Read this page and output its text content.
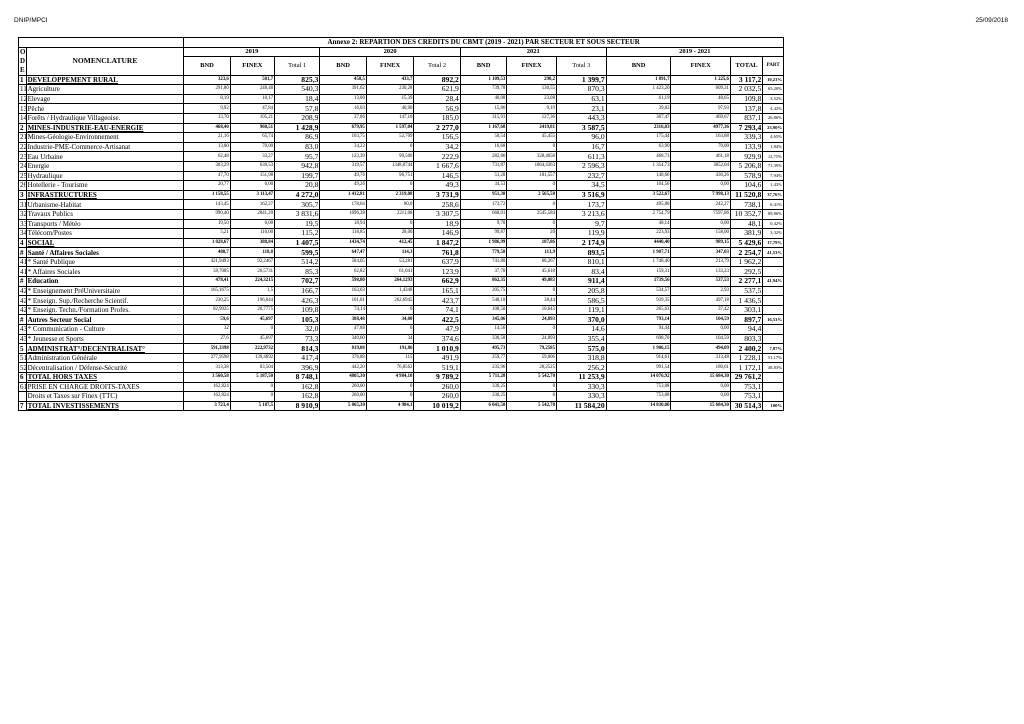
DNIP/MPCI	25/09/2018
		Annexe 2: REPARTION DES CREDITS DU CBMT (2019 - 2021) PAR SECTEUR ET SOUS SECTEUR												

O
D
E	NOMENCLATURE	2019			2020			2021			2019 - 2021			
		BND	FINEX	Total 1	BND	FINEX	Total 2	BND	FINEX	Total 3	BND	FINEX	TOTAL	PART

1	DEVELOPPEMENT RURAL	323,6	501,7	825,3	458,5	433,7	892,2	1 109,53	290,2	1 399,7	1 891,7	1 225,6	3 117,2	10,23%
11	Agriculture	291,80	248,48	540,3	391,62	230,28	621,9	739,78	130,55	870,3	1 423,20	609,31	2 032,5	65,20%
12	Elevage	8,19	10,17	18,4	13,00	15,39	28,4	40,00	23,08	63,1	61,19	48,65	109,8	3,52%
13	Pêche	9,92	47,84	57,8	16,03	40,90	56,9	15,86	9,19	23,1	39,82	97,93	137,8	4,42%
14	Forêts / Hydraulique Villageoise.	13,70	195,21	208,9	37,86	147,10	185,0	315,91	127,36	443,3	367,47	469,67	837,1	26,86%
2	MINES-INDUSTRIE-EAU-ENERGIE	468,40	960,51	1 428,9	679,95	1 597,04	2 277,0	1 167,68	2419,81	3 587,5	2316,03	4977,36	7 293,4	23,90%
21	Mines-Géologie-Environnement	21,16	65,74	86,9	103,75	52,709	156,5	50,54	45,455	96,0	175,44	163,88	339,3	4,65%
22	Industrie-PME-Commerce-Artisanat	13,00	70,00	83,0	34,22	0	34,2	16,68	0	16,7	63,90	70,00	133,9	1,84%
23	Eau Urbaine	62,48	33,27	95,7	123,39	99,506	222,9	282,86	328,4658	611,3	468,73	461,18	929,9	12,75%
24	Energie	303,29	639,53	942,8	319,57	1348,0744	1 667,6	731,87	1864,4363	2 596,3	1 354,73	3852,04	5 206,8	71,39%
25	Hydraulique	47,70	151,98	199,7	49,76	96,751	146,5	51,20	181,557	232,7	148,66	430,26	578,9	7,94%
26	Hotellerie - Tourisme	20,77	0,00	20,8	49,26	0	49,3	34,53	0	34,5	104,56	0,00	104,6	1,43%
3	INFRASTRUCTURES	1 158,55	3 113,47	4 272,0	1 412,81	2 319,08	3 731,9	951,30	2 565,58	3 516,9	3 522,67	7 998,13	11 520,8	37,76%
31	Urbanisme-Habitat	143,45	162,27	305,7	178,64	80,0	258,6	173,72	0	173,7	495,80	242,27	738,1	6,41%
32	Travaux Publics	990,40	2841,20	3 831,6	1096,38	2211,08	3 307,5	668,01	2545,584	3 213,6	2 754,79	7597,86	10 352,7	89,86%
33	Transports / Météo	19,50	0,00	19,5	18,94	0	18,9	9,70	0	9,7	48,14	0,00	48,1	0,42%
34	Télécom/Postes	5,21	110,00	115,2	118,85	28,00	146,9	99,87	20	119,9	223,93	158,00	381,9	3,32%
4	SOCIAL	1 028,67	388,84	1 407,5	1434,74	412,45	1 847,2	1 986,99	187,86	2 174,9	4440,40	989,15	5 429,6	17,79%
#	Santé / Affaires Sociales	480,7	118,8	599,5	647,47	114,3	761,8	779,58	113,9	893,5	1 907,71	347,03	2 254,7	41,53%
41	* Santé Publique	421,9493	92,2467	514,2	584,65	53,281	637,9	741,80	68,267	810,1	1 748,40	213,79	1 962,2	
41	* Affaires Sociales	58,7085	26,5731	85,3	62,82	61,041	123,9	37,78	45,618	83,4	159,31	133,23	292,5	
#	Education	478,41	224,3215	702,7	598,80	264,1293	662,9	862,35	49,083	911,4	1739,56	537,53	2 277,1	41,94%
42	* Enseignement PréUniversitaire	165,1675	1,5	166,7	163,63	1,4348	165,1	205,75	0	205,8	534,57	2,93	537,5	
42	* Enseign. Sup./Recherche Scientif.	230,25	196,044	426,3	161,01	262,6945	423,7	548,10	38,44	586,5	939,35	497,18	1 436,5	
42	* Enseign. Techn./Formation Profes.	82,9925	26,7775	109,8	74,14	0	74,1	108,50	10,643	119,1	265,63	37,42	303,1	
#	Autres Secteur Social	59,6	45,697	105,3	388,48	34,00	422,5	345,06	24,893	370,0	793,14	104,59	897,7	16,53%
43	* Communication - Culture	32	0	32,0	47,88	0	47,9	14,56	0	14,6	94,44	0,00	94,4	
43	* Jeunesse et Sports	27,6	45,697	73,3	340,60	34	374,6	330,50	24,893	355,4	698,70	104,59	803,3	
5	ADMINISTRAT°/DECENTRALISAT°	591,3398	222,9732	814,3	819,08	191,86	1 010,9	495,73	79,2585	575,0	1 906,15	494,09	2 400,2	7,87%
51	Administration Générale	277,9598	139,4692	417,4	376,88	115	491,9	259,77	59,006	318,8	914,61	313,48	1 228,1	51,17%
52	Décentralisation / Défense-Sécurité	313,38	83,504	396,9	442,20	76,8562	519,1	235,96	20,2525	256,2	991,54	180,61	1 172,1	48,83%
6	TOTAL HORS TAXES	3 560,58	5 187,50	8 748,1	4805,30	4 984,10	9 789,2	5 711,28	5 542,70	11 253,9	14 076,92	15 684,30	29 761,2	
61	PRISE EN CHARGE DROITS-TAXES	162,824	0	162,8	260,00	0	260,0	330,25	0	330,3	753,08	0,00	753,1	
	Droits et Taxes sur Finex (TTC)	162,824	0	162,8	260,00	0	260,0	330,25	0	330,3	753,08	0,00	753,1	
7	TOTAL INVESTISSEMENTS	3 723,4	5 187,5	8 910,9	5 065,30	4 984,1	10 019,2	6 041,50	5 542,70	11 584,20	14 830,00	15 684,30	30 514,3	100%
